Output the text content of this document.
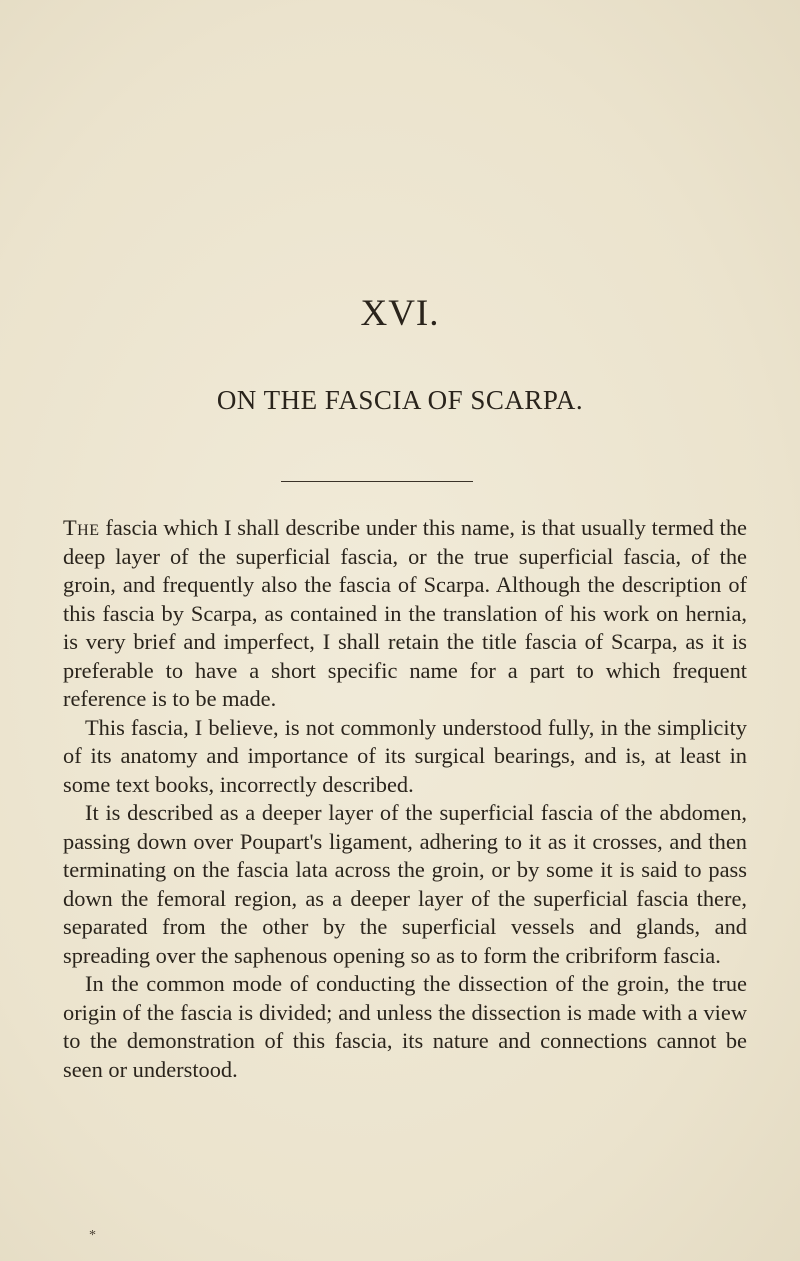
XVI.
ON THE FASCIA OF SCARPA.

The fascia which I shall describe under this name, is that usually termed the deep layer of the superficial fascia, or the true superficial fascia, of the groin, and frequently also the fascia of Scarpa. Although the description of this fascia by Scarpa, as contained in the translation of his work on hernia, is very brief and imperfect, I shall retain the title fascia of Scarpa, as it is preferable to have a short specific name for a part to which frequent reference is to be made.

This fascia, I believe, is not commonly understood fully, in the simplicity of its anatomy and importance of its surgical bearings, and is, at least in some text books, incorrectly described.

It is described as a deeper layer of the superficial fascia of the abdomen, passing down over Poupart's ligament, adhering to it as it crosses, and then terminating on the fascia lata across the groin, or by some it is said to pass down the femoral region, as a deeper layer of the superficial fascia there, separated from the other by the superficial vessels and glands, and spreading over the saphenous opening so as to form the cribriform fascia.

In the common mode of conducting the dissection of the groin, the true origin of the fascia is divided; and unless the dissection is made with a view to the demonstration of this fascia, its nature and connections cannot be seen or understood.

*
